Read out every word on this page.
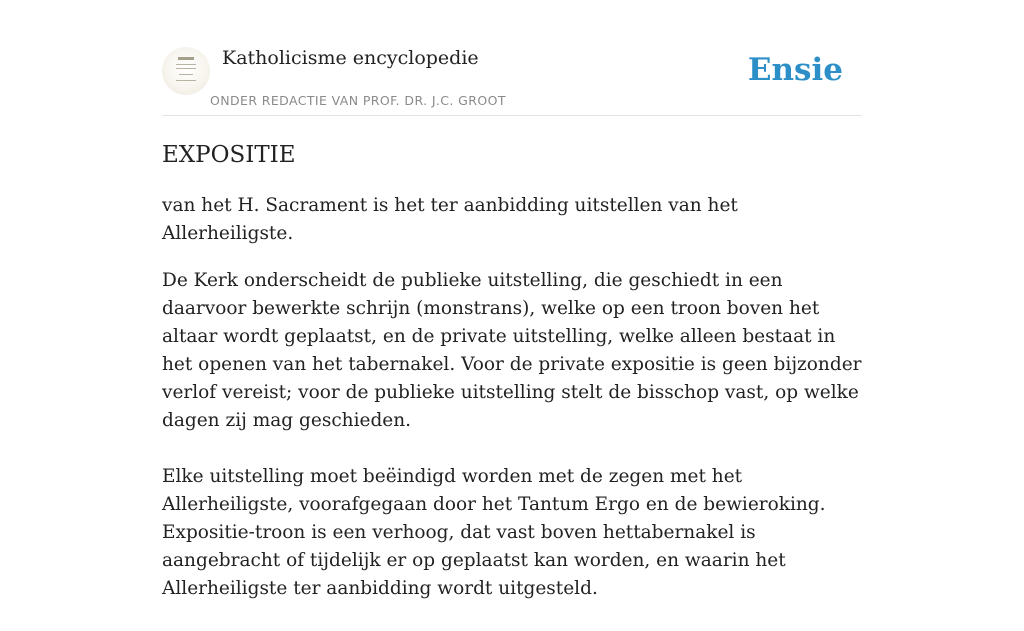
Katholicisme encyclopedie
ONDER REDACTIE VAN PROF. DR. J.C. GROOT
Ensie
EXPOSITIE

van het H. Sacrament is het ter aanbidding uitstellen van het Allerheiligste.

De Kerk onderscheidt de publieke uitstelling, die geschiedt in een daarvoor bewerkte schrijn (monstrans), welke op een troon boven het altaar wordt geplaatst, en de private uitstelling, welke alleen bestaat in het openen van het tabernakel. Voor de private expositie is geen bijzonder verlof vereist; voor de publieke uitstelling stelt de bisschop vast, op welke dagen zij mag geschieden.

Elke uitstelling moet beëindigd worden met de zegen met het Allerheiligste, voorafgegaan door het Tantum Ergo en de bewieroking. Expositie-troon is een verhoog, dat vast boven hettabernakel is aangebracht of tijdelijk er op geplaatst kan worden, en waarin het Allerheiligste ter aanbidding wordt uitgesteld.
